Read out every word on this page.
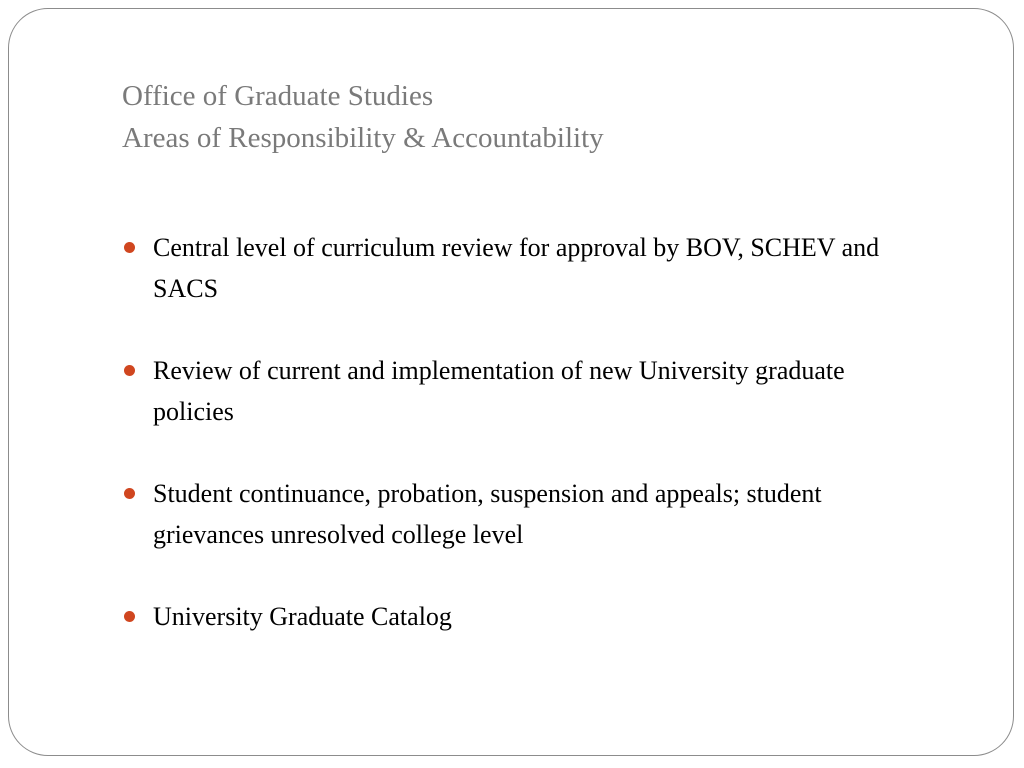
Office of Graduate Studies
Areas of Responsibility & Accountability
Central level of curriculum review for approval by BOV, SCHEV and SACS
Review of current and implementation of new University graduate policies
Student continuance, probation, suspension and appeals; student grievances unresolved college level
University Graduate Catalog
